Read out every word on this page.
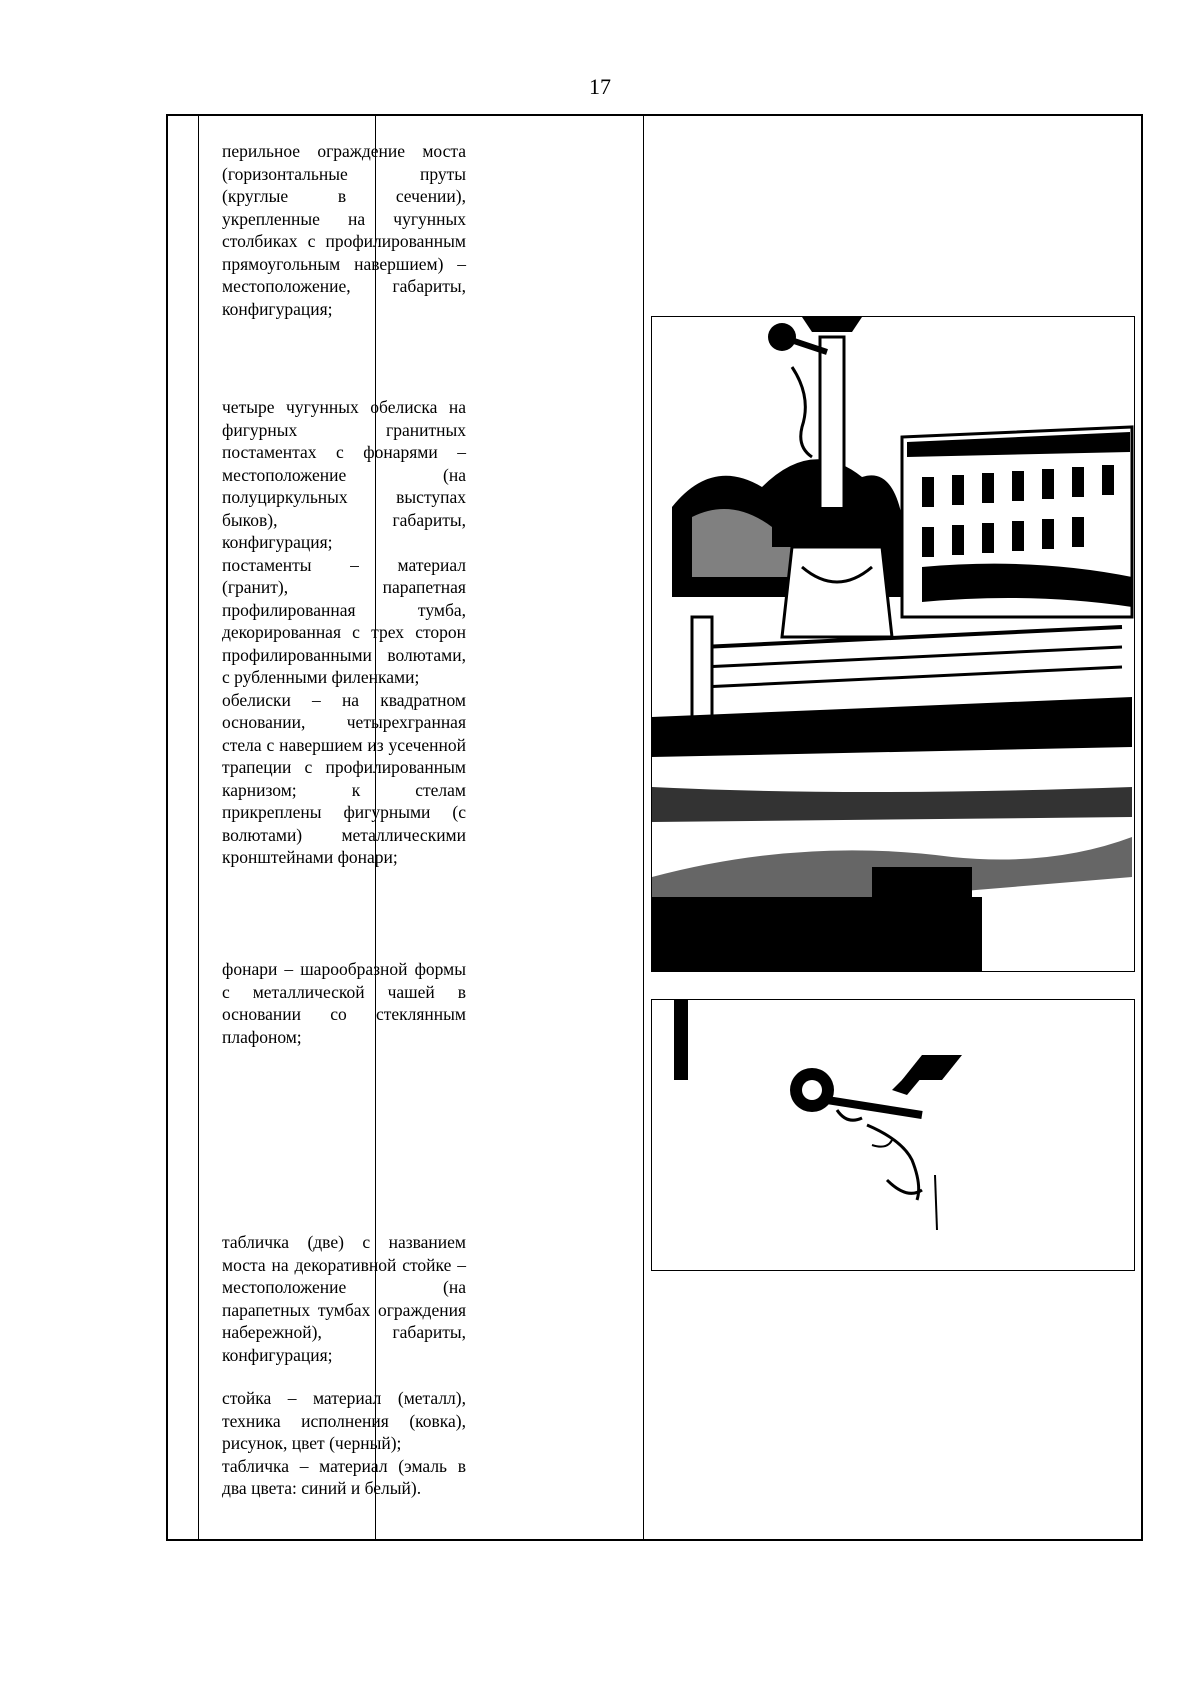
17

перильное ограждение моста (горизонтальные пруты (круглые в сечении), укрепленные на чугунных столбиках с профилированным прямоугольным навершием) – местоположение, габариты, конфигурация;

четыре чугунных обелиска на фигурных гранитных постаментах с фонарями – местоположение (на полуциркульных выступах быков), габариты, конфигурация;

постаменты – материал (гранит), парапетная профилированная тумба, декорированная с трех сторон профилированными волютами, с рубленными филенками;

обелиски – на квадратном основании, четырехгранная стела с навершием из усеченной трапеции с профилированным карнизом; к стелам прикреплены фигурными (с волютами) металлическими кронштейнами фонари;

фонари – шарообразной формы с металлической чашей в основании со стеклянным плафоном;

табличка (две) с названием моста на декоративной стойке – местоположение (на парапетных тумбах ограждения набережной), габариты, конфигурация;

стойка – материал (металл), техника исполнения (ковка), рисунок, цвет (черный);

табличка – материал (эмаль в два цвета: синий и белый).
